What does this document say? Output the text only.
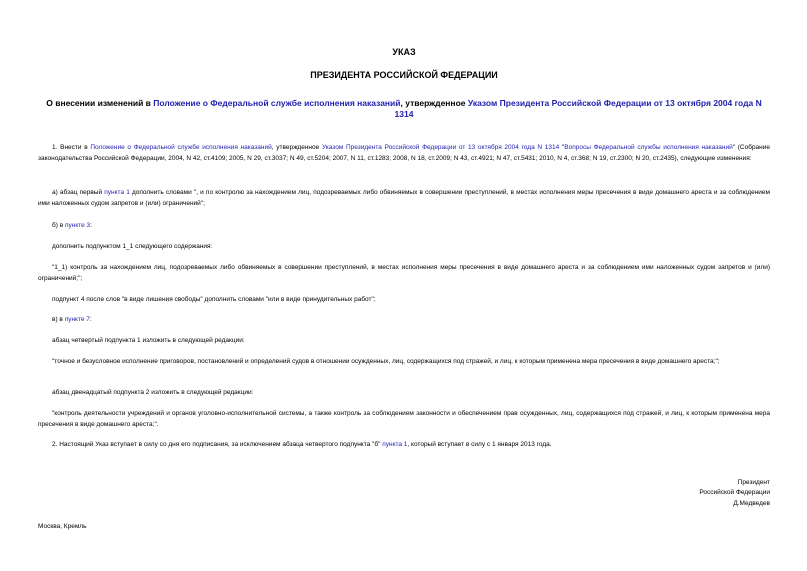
УКАЗ
ПРЕЗИДЕНТА РОССИЙСКОЙ ФЕДЕРАЦИИ
О внесении изменений в Положение о Федеральной службе исполнения наказаний, утвержденное Указом Президента Российской Федерации от 13 октября 2004 года N 1314
1. Внести в Положение о Федеральной службе исполнения наказаний, утвержденное Указом Президента Российской Федерации от 13 октября 2004 года N 1314 "Вопросы Федеральной службы исполнения наказаний" (Собрание законодательства Российской Федерации, 2004, N 42, ст.4109; 2005, N 29, ст.3037; N 49, ст.5204; 2007, N 11, ст.1283; 2008, N 18, ст.2009; N 43, ст.4921; N 47, ст.5431; 2010, N 4, ст.368; N 19, ст.2300; N 20, ст.2435), следующие изменения:
а) абзац первый пункта 1 дополнить словами ", и по контролю за нахождением лиц, подозреваемых либо обвиняемых в совершении преступлений, в местах исполнения меры пресечения в виде домашнего ареста и за соблюдением ими наложенных судом запретов и (или) ограничений";
б) в пункте 3:
дополнить подпунктом 1_1 следующего содержания:
"1_1) контроль за нахождением лиц, подозреваемых либо обвиняемых в совершении преступлений, в местах исполнения меры пресечения в виде домашнего ареста и за соблюдением ими наложенных судом запретов и (или) ограничений;";
подпункт 4 после слов "в виде лишения свободы" дополнить словами "или в виде принудительных работ";
в) в пункте 7:
абзац четвертый подпункта 1 изложить в следующей редакции:
"точное и безусловное исполнение приговоров, постановлений и определений судов в отношении осужденных, лиц, содержащихся под стражей, и лиц, к которым применена мера пресечения в виде домашнего ареста;";
абзац двенадцатый подпункта 2 изложить в следующей редакции:
"контроль деятельности учреждений и органов уголовно-исполнительной системы, а также контроль за соблюдением законности и обеспечением прав осужденных, лиц, содержащихся под стражей, и лиц, к которым применена мера пресечения в виде домашнего ареста;".
2. Настоящий Указ вступает в силу со дня его подписания, за исключением абзаца четвертого подпункта "б" пункта 1, который вступает в силу с 1 января 2013 года.
Президент
Российской Федерации
Д.Медведев
Москва, Кремль
